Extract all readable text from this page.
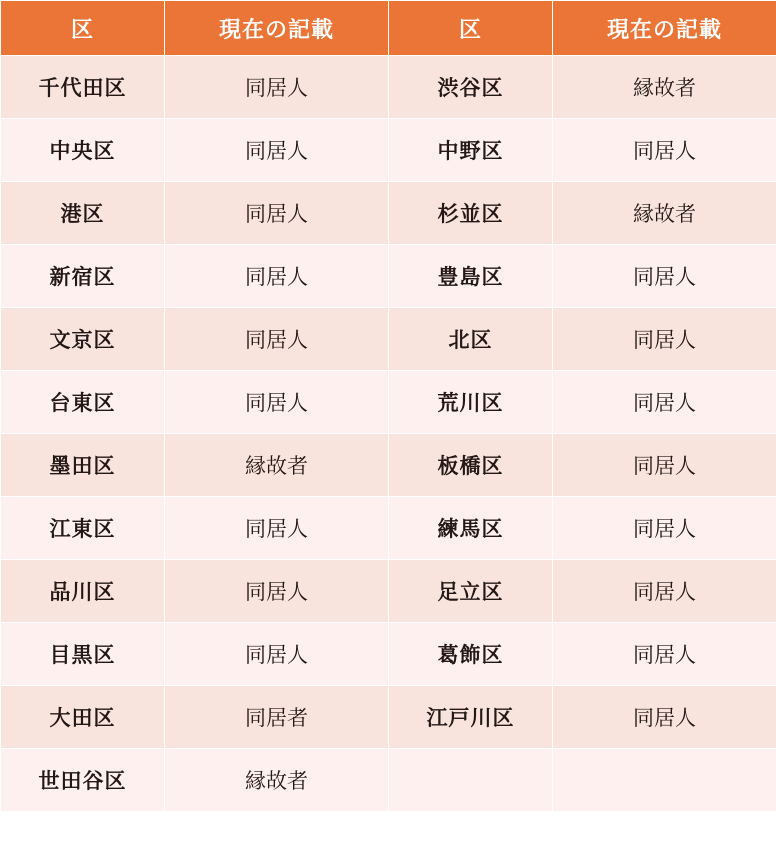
区	現在の記載	区	現在の記載
千代田区	同居人	渋谷区	縁故者
中央区	同居人	中野区	同居人
港区	同居人	杉並区	縁故者
新宿区	同居人	豊島区	同居人
文京区	同居人	北区	同居人
台東区	同居人	荒川区	同居人
墨田区	縁故者	板橋区	同居人
江東区	同居人	練馬区	同居人
品川区	同居人	足立区	同居人
目黒区	同居人	葛飾区	同居人
大田区	同居者	江戸川区	同居人
世田谷区	縁故者		
